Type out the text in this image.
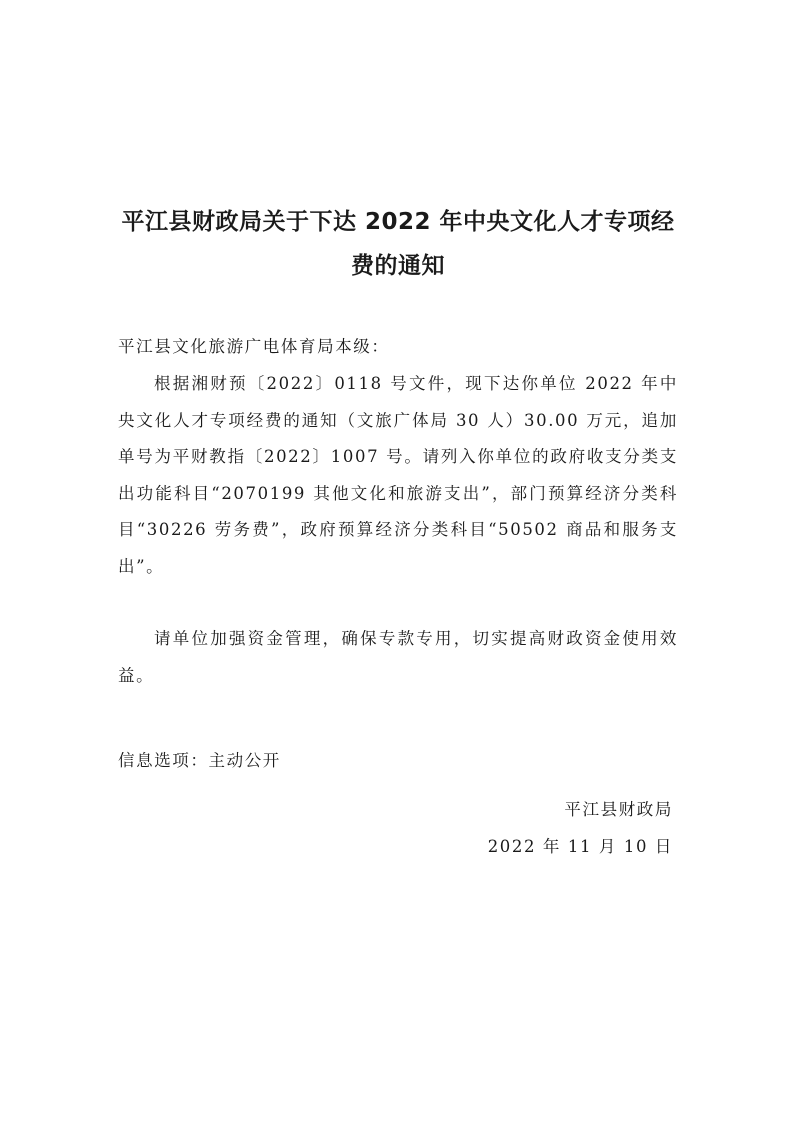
平江县财政局关于下达 2022 年中央文化人才专项经
费的通知
平江县文化旅游广电体育局本级：
根据湘财预〔2022〕0118 号文件，现下达你单位 2022 年中央文化人才专项经费的通知（文旅广体局 30 人）30.00 万元，追加单号为平财教指〔2022〕1007 号。请列入你单位的政府收支分类支出功能科目“2070199 其他文化和旅游支出”，部门预算经济分类科目“30226 劳务费”，政府预算经济分类科目“50502 商品和服务支出”。
请单位加强资金管理，确保专款专用，切实提高财政资金使用效益。
信息选项：主动公开
平江县财政局
2022 年 11 月 10 日
